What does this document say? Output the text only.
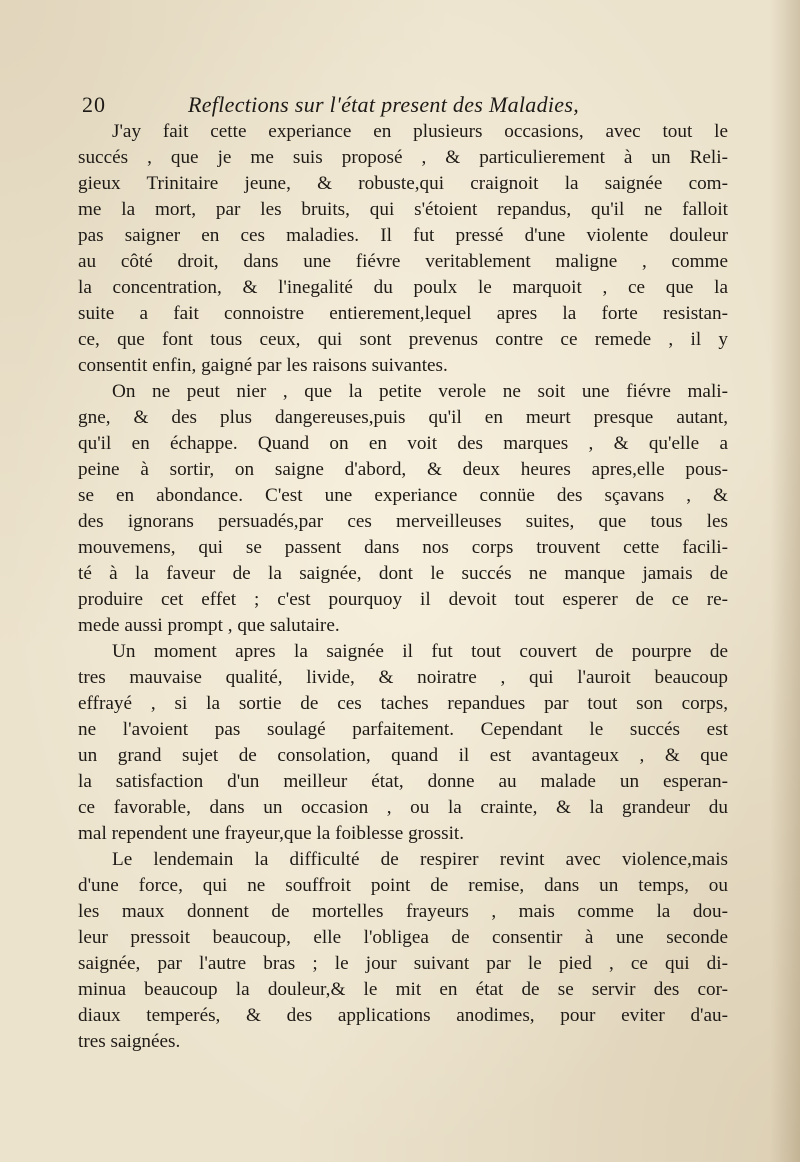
20	Reflections sur l'état present des Maladies,
J'ay fait cette experiance en plusieurs occasions, avec tout le
succés , que je me suis proposé , & particulierement à un Reli-
gieux Trinitaire jeune, & robuste,qui craignoit la saignée com-
me la mort, par les bruits, qui s'étoient repandus, qu'il ne falloit
pas saigner en ces maladies. Il fut pressé d'une violente douleur
au côté droit, dans une fiévre veritablement maligne , comme
la concentration, & l'inegalité du poulx le marquoit , ce que la
suite a fait connoistre entierement,lequel apres la forte resistan-
ce, que font tous ceux, qui sont prevenus contre ce remede , il y
consentit enfin, gaigné par les raisons suivantes.
On ne peut nier , que la petite verole ne soit une fiévre mali-
gne, & des plus dangereuses,puis qu'il en meurt presque autant,
qu'il en échappe. Quand on en voit des marques , & qu'elle a
peine à sortir, on saigne d'abord, & deux heures apres,elle pous-
se en abondance. C'est une experiance connüe des sçavans , &
des ignorans persuadés,par ces merveilleuses suites, que tous les
mouvemens, qui se passent dans nos corps trouvent cette facili-
té à la faveur de la saignée, dont le succés ne manque jamais de
produire cet effet ; c'est pourquoy il devoit tout esperer de ce re-
mede aussi prompt , que salutaire.
Un moment apres la saignée il fut tout couvert de pourpre de
tres mauvaise qualité, livide, & noiratre , qui l'auroit beaucoup
effrayé , si la sortie de ces taches repandues par tout son corps,
ne l'avoient pas soulagé parfaitement. Cependant le succés est
un grand sujet de consolation, quand il est avantageux , & que
la satisfaction d'un meilleur état, donne au malade un esperan-
ce favorable, dans un occasion , ou la crainte, & la grandeur du
mal rependent une frayeur,que la foiblesse grossit.
Le lendemain la difficulté de respirer revint avec violence,mais
d'une force, qui ne souffroit point de remise, dans un temps, ou
les maux donnent de mortelles frayeurs , mais comme la dou-
leur pressoit beaucoup, elle l'obligea de consentir à une seconde
saignée, par l'autre bras ; le jour suivant par le pied , ce qui di-
minua beaucoup la douleur,& le mit en état de se servir des cor-
diaux temperés, & des applications anodimes, pour eviter d'au-
tres saignées.
